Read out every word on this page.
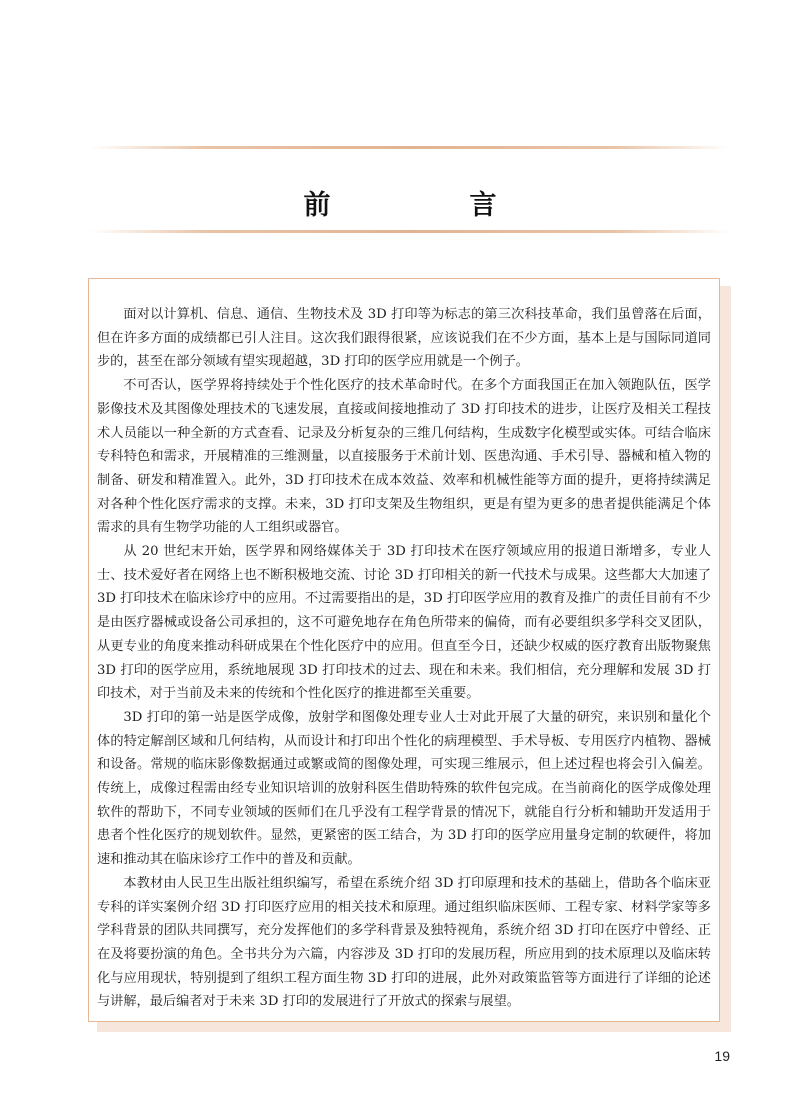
前　言

面对以计算机、信息、通信、生物技术及 3D 打印等为标志的第三次科技革命，我们虽曾落在后面，但在许多方面的成绩都已引人注目。这次我们跟得很紧，应该说我们在不少方面，基本上是与国际同道同步的，甚至在部分领域有望实现超越，3D 打印的医学应用就是一个例子。

不可否认，医学界将持续处于个性化医疗的技术革命时代。在多个方面我国正在加入领跑队伍，医学影像技术及其图像处理技术的飞速发展，直接或间接地推动了 3D 打印技术的进步，让医疗及相关工程技术人员能以一种全新的方式查看、记录及分析复杂的三维几何结构，生成数字化模型或实体。可结合临床专科特色和需求，开展精准的三维测量，以直接服务于术前计划、医患沟通、手术引导、器械和植入物的制备、研发和精准置入。此外，3D 打印技术在成本效益、效率和机械性能等方面的提升，更将持续满足对各种个性化医疗需求的支撑。未来，3D 打印支架及生物组织，更是有望为更多的患者提供能满足个体需求的具有生物学功能的人工组织或器官。

从 20 世纪末开始，医学界和网络媒体关于 3D 打印技术在医疗领域应用的报道日渐增多，专业人士、技术爱好者在网络上也不断积极地交流、讨论 3D 打印相关的新一代技术与成果。这些都大大加速了 3D 打印技术在临床诊疗中的应用。不过需要指出的是，3D 打印医学应用的教育及推广的责任目前有不少是由医疗器械或设备公司承担的，这不可避免地存在角色所带来的偏倚，而有必要组织多学科交叉团队，从更专业的角度来推动科研成果在个性化医疗中的应用。但直至今日，还缺少权威的医疗教育出版物聚焦 3D 打印的医学应用，系统地展现 3D 打印技术的过去、现在和未来。我们相信，充分理解和发展 3D 打印技术，对于当前及未来的传统和个性化医疗的推进都至关重要。

3D 打印的第一站是医学成像，放射学和图像处理专业人士对此开展了大量的研究，来识别和量化个体的特定解剖区域和几何结构，从而设计和打印出个性化的病理模型、手术导板、专用医疗内植物、器械和设备。常规的临床影像数据通过或繁或简的图像处理，可实现三维展示，但上述过程也将会引入偏差。传统上，成像过程需由经专业知识培训的放射科医生借助特殊的软件包完成。在当前商化的医学成像处理软件的帮助下，不同专业领域的医师们在几乎没有工程学背景的情况下，就能自行分析和辅助开发适用于患者个性化医疗的规划软件。显然，更紧密的医工结合，为 3D 打印的医学应用量身定制的软硬件，将加速和推动其在临床诊疗工作中的普及和贡献。

本教材由人民卫生出版社组织编写，希望在系统介绍 3D 打印原理和技术的基础上，借助各个临床亚专科的详实案例介绍 3D 打印医疗应用的相关技术和原理。通过组织临床医师、工程专家、材料学家等多学科背景的团队共同撰写，充分发挥他们的多学科背景及独特视角，系统介绍 3D 打印在医疗中曾经、正在及将要扮演的角色。全书共分为六篇，内容涉及 3D 打印的发展历程，所应用到的技术原理以及临床转化与应用现状，特别提到了组织工程方面生物 3D 打印的进展，此外对政策监管等方面进行了详细的论述与讲解，最后编者对于未来 3D 打印的发展进行了开放式的探索与展望。

19
